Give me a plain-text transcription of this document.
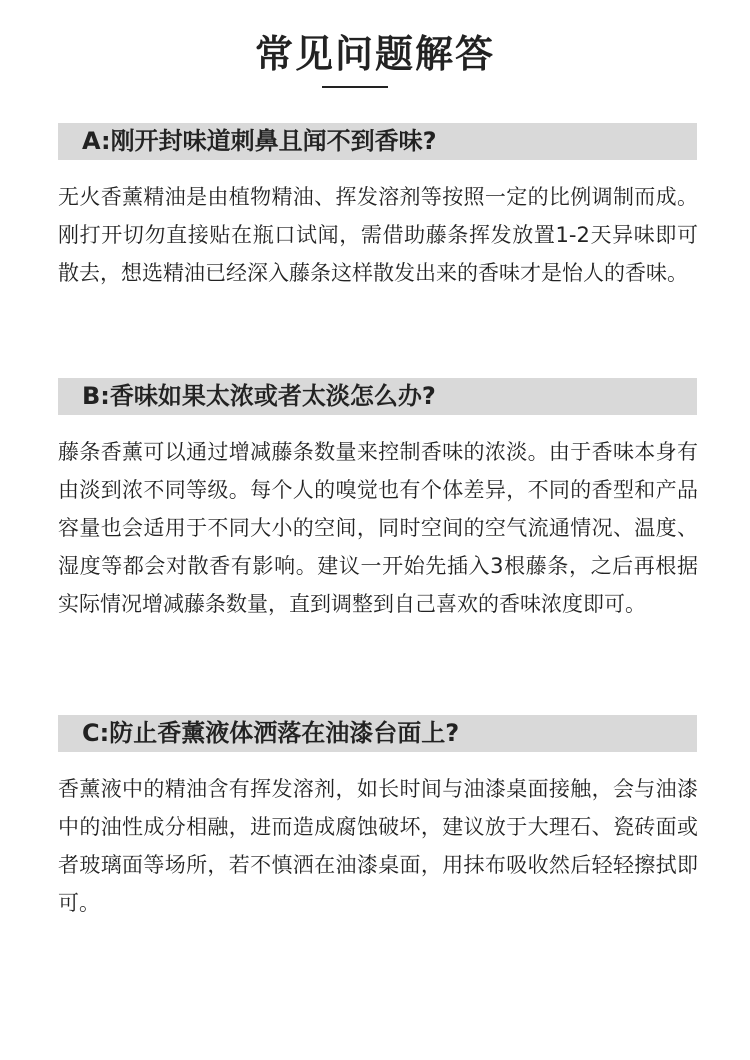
常见问题解答
A:刚开封味道刺鼻且闻不到香味?

无火香薰精油是由植物精油、挥发溶剂等按照一定的比例调制而成。刚打开切勿直接贴在瓶口试闻，需借助藤条挥发放置1-2天异味即可散去，想选精油已经深入藤条这样散发出来的香味才是怡人的香味。

B:香味如果太浓或者太淡怎么办?

藤条香薰可以通过增减藤条数量来控制香味的浓淡。由于香味本身有由淡到浓不同等级。每个人的嗅觉也有个体差异，不同的香型和产品容量也会适用于不同大小的空间，同时空间的空气流通情况、温度、湿度等都会对散香有影响。建议一开始先插入3根藤条，之后再根据实际情况增减藤条数量，直到调整到自己喜欢的香味浓度即可。

C:防止香薰液体洒落在油漆台面上?

香薰液中的精油含有挥发溶剂，如长时间与油漆桌面接触，会与油漆中的油性成分相融，进而造成腐蚀破坏，建议放于大理石、瓷砖面或者玻璃面等场所，若不慎洒在油漆桌面，用抹布吸收然后轻轻擦拭即可。
